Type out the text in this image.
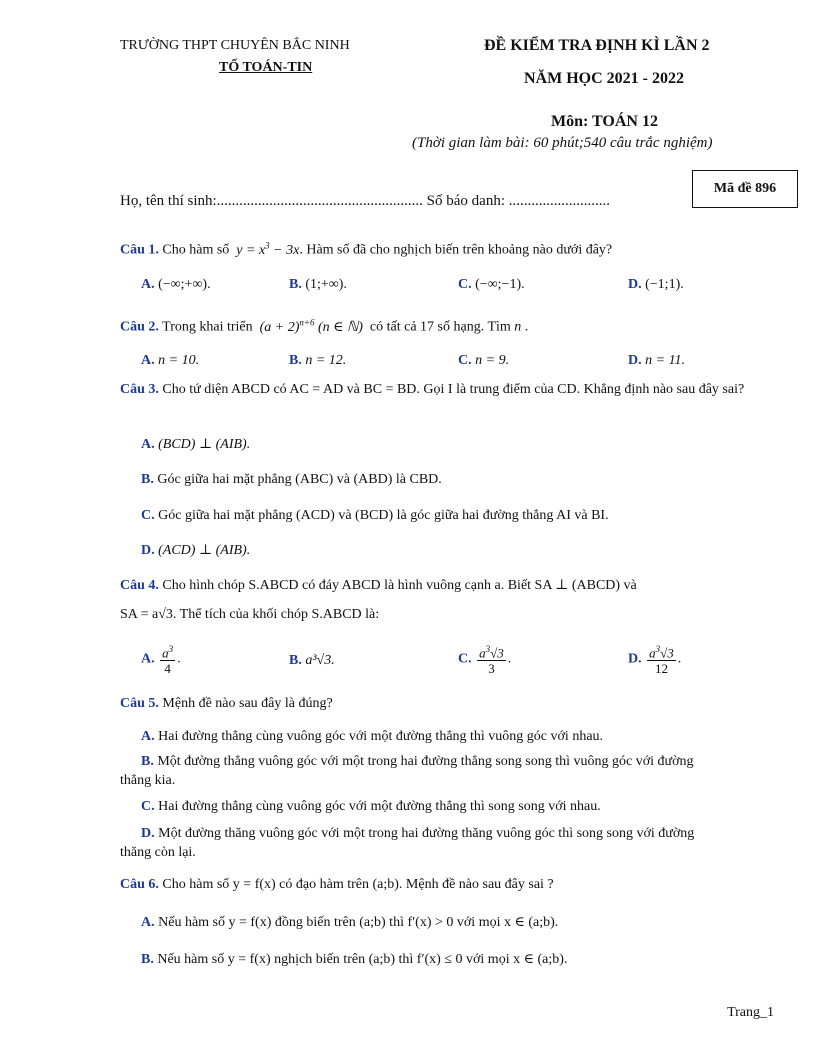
TRƯỜNG THPT CHUYÊN BẮC NINH
TỔ TOÁN-TIN
ĐỀ KIỂM TRA ĐỊNH KÌ LẦN 2
NĂM HỌC 2021 - 2022
Môn: TOÁN 12
(Thời gian làm bài: 60 phút;540 câu trắc nghiệm)
Họ, tên thí sinh:....................................................... Số báo danh: ...........................
Mã đề 896
Câu 1. Cho hàm số  $y = x^3 - 3x$. Hàm số đã cho nghịch biến trên khoảng nào dưới đây?
A. (−∞;+∞).	B. (1;+∞).	C. (−∞;−1).	D. (−1;1).
Câu 2. Trong khai triển  $(a + 2)^{n+6}$ (n ∈ ℕ)  có tất cả 17 số hạng. Tìm n .
A. n = 10.	B. n = 12.	C. n = 9.	D. n = 11.
Câu 3. Cho tứ diện ABCD có AC = AD và BC = BD. Gọi I là trung điểm của CD. Khẳng định nào sau đây sai?
A. (BCD) ⊥ (AIB).
B. Góc giữa hai mặt phẳng (ABC) và (ABD) là CBD.
C. Góc giữa hai mặt phẳng (ACD) và (BCD) là góc giữa hai đường thẳng AI và BI.
D. (ACD) ⊥ (AIB).
Câu 4. Cho hình chóp S.ABCD có đáy ABCD là hình vuông cạnh a. Biết SA ⊥ (ABCD) và
SA = a√3. Thể tích của khối chóp S.ABCD là:
A. $\frac{a^3}{4}$ .	B. a³√3.	C. $\frac{a^3√3}{3}$ .	D. $\frac{a^3√3}{12}$ .
Câu 5. Mệnh đề nào sau đây là đúng?
A. Hai đường thẳng cùng vuông góc với một đường thẳng thì vuông góc với nhau.
B. Một đường thẳng vuông góc với một trong hai đường thẳng song song thì vuông góc với đường
thẳng kia.
C. Hai đường thẳng cùng vuông góc với một đường thẳng thì song song với nhau.
D. Một đường thăng vuông góc với một trong hai đường thăng vuông góc thì song song với đường
thăng còn lại.
Câu 6. Cho hàm số y = f(x) có đạo hàm trên (a;b). Mệnh đề nào sau đây sai ?
A. Nếu hàm số y = f(x) đồng biến trên (a;b) thì f′(x) > 0 với mọi x ∈ (a;b).
B. Nếu hàm số y = f(x) nghịch biến trên (a;b) thì f′(x) ≤ 0 với mọi x ∈ (a;b).
Trang_1
